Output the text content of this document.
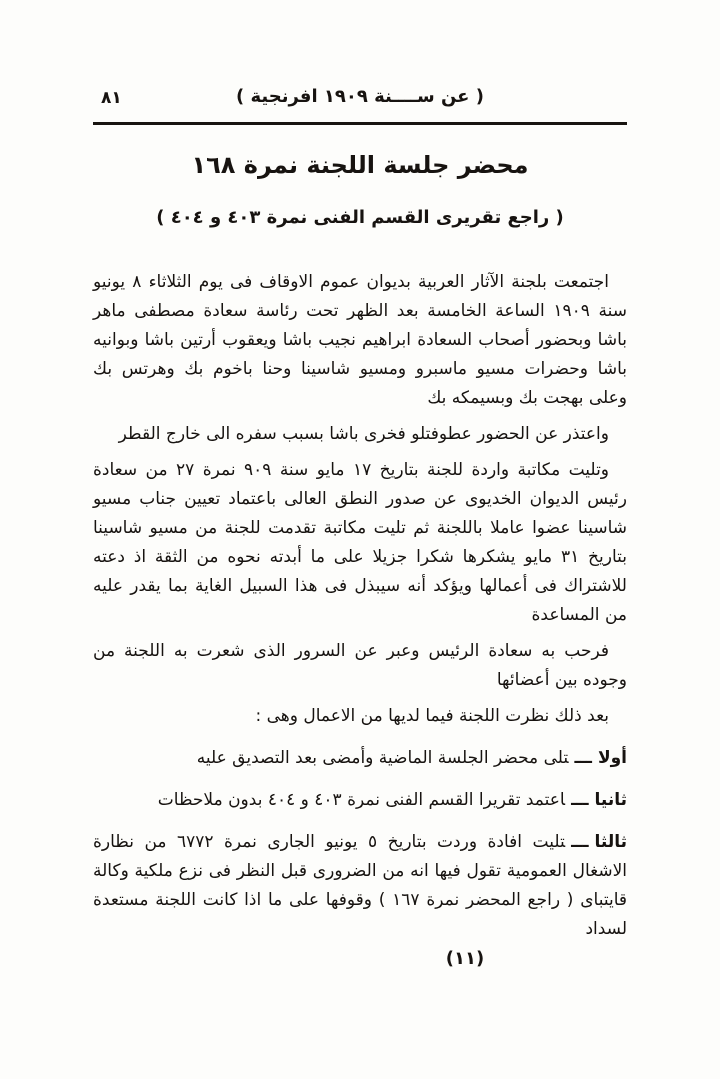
٨١	( عن ســــنة ١٩٠٩ افرنجية )
محضر جلسة اللجنة نمرة ١٦٨
( راجع تقريرى القسم الفنى نمرة ٤٠٣ و ٤٠٤ )

اجتمعت بلجنة الآثار العربية بديوان عموم الاوقاف فى يوم الثلاثاء ٨ يونيو سنة ١٩٠٩ الساعة الخامسة بعد الظهر تحت رئاسة سعادة مصطفى ماهر باشا وبحضور أصحاب السعادة ابراهيم نجيب باشا ويعقوب أرتين باشا وبوانيه باشا وحضرات مسيو ماسبرو ومسيو شاسينا وحنا باخوم بك وهرتس بك وعلى بهجت بك وبسيمكه بك

واعتذر عن الحضور عطوفتلو فخرى باشا بسبب سفره الى خارج القطر

وتليت مكاتبة واردة للجنة بتاريخ ١٧ مايو سنة ٩٠٩ نمرة ٢٧ من سعادة رئيس الديوان الخديوى عن صدور النطق العالى باعتماد تعيين جناب مسيو شاسينا عضوا عاملا باللجنة ثم تليت مكاتبة تقدمت للجنة من مسيو شاسينا بتاريخ ٣١ مايو يشكرها شكرا جزيلا على ما أبدته نحوه من الثقة اذ دعته للاشتراك فى أعمالها ويؤكد أنه سيبذل فى هذا السبيل الغاية بما يقدر عليه من المساعدة

فرحب به سعادة الرئيس وعبر عن السرور الذى شعرت به اللجنة من وجوده بين أعضائها

بعد ذلك نظرت اللجنة فيما لديها من الاعمال وهى :

أولاـــتلى محضر الجلسة الماضية وأمضى بعد التصديق عليه
ثانياـــاعتمد تقريرا القسم الفنى نمرة ٤٠٣ و ٤٠٤ بدون ملاحظات
ثالثاـــتليت افادة وردت بتاريخ ٥ يونيو الجارى نمرة ٦٧٧٢ من نظارة الاشغال العمومية تقول فيها انه من الضرورى قبل النظر فى نزع ملكية وكالة قايتباى ( راجع المحضر نمرة ١٦٧ ) وقوفها على ما اذا كانت اللجنة مستعدة لسداد
(١١)
